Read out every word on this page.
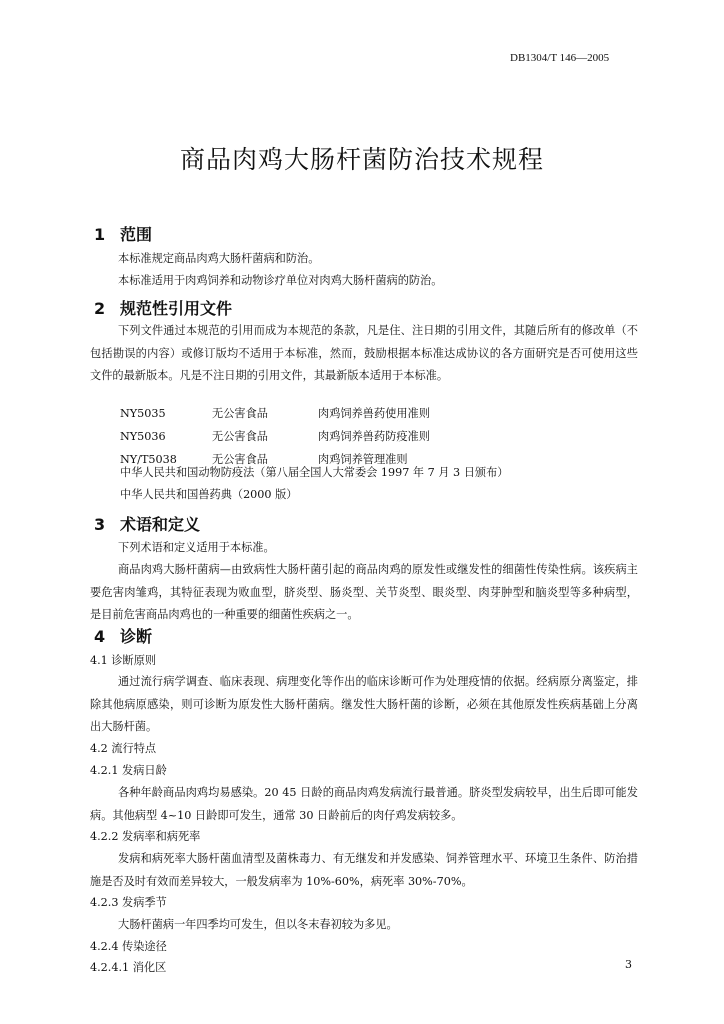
DB1304/T 146—2005
商品肉鸡大肠杆菌防治技术规程
1 范围
本标准规定商品肉鸡大肠杆菌病和防治。
本标准适用于肉鸡饲养和动物诊疗单位对肉鸡大肠杆菌病的防治。
2 规范性引用文件
下列文件通过本规范的引用而成为本规范的条款，凡是住、注日期的引用文件，其随后所有的修改单（不包括勘误的内容）或修订版均不适用于本标准，然而，鼓励根据本标准达成协议的各方面研究是否可使用这些文件的最新版本。凡是不注日期的引用文件，其最新版本适用于本标准。
NY5035	无公害食品	肉鸡饲养兽药使用准则
NY5036	无公害食品	肉鸡饲养兽药防疫准则
NY/T5038	无公害食品	肉鸡饲养管理准则
中华人民共和国动物防疫法（第八届全国人大常委会 1997 年 7 月 3 日颁布）
中华人民共和国兽药典（2000 版）
3 术语和定义
下列术语和定义适用于本标准。
商品肉鸡大肠杆菌病—由致病性大肠杆菌引起的商品肉鸡的原发性或继发性的细菌性传染性病。该疾病主要危害肉雏鸡，其特征表现为败血型，脐炎型、肠炎型、关节炎型、眼炎型、肉芽肿型和脑炎型等多种病型，是目前危害商品肉鸡也的一种重要的细菌性疾病之一。
4 诊断
4.1 诊断原则
通过流行病学调查、临床表现、病理变化等作出的临床诊断可作为处理疫情的依据。经病原分离鉴定，排除其他病原感染，则可诊断为原发性大肠杆菌病。继发性大肠杆菌的诊断，必须在其他原发性疾病基础上分离出大肠杆菌。
4.2 流行特点
4.2.1 发病日龄
各种年龄商品肉鸡均易感染。20 45 日龄的商品肉鸡发病流行最普通。脐炎型发病较早，出生后即可能发病。其他病型 4~10 日龄即可发生，通常 30 日龄前后的肉仔鸡发病较多。
4.2.2 发病率和病死率
发病和病死率大肠杆菌血清型及菌株毒力、有无继发和并发感染、饲养管理水平、环境卫生条件、防治措施是否及时有效而差异较大，一般发病率为 10%-60%，病死率 30%-70%。
4.2.3 发病季节
大肠杆菌病一年四季均可发生，但以冬末春初较为多见。
4.2.4 传染途径
4.2.4.1 消化区	3
